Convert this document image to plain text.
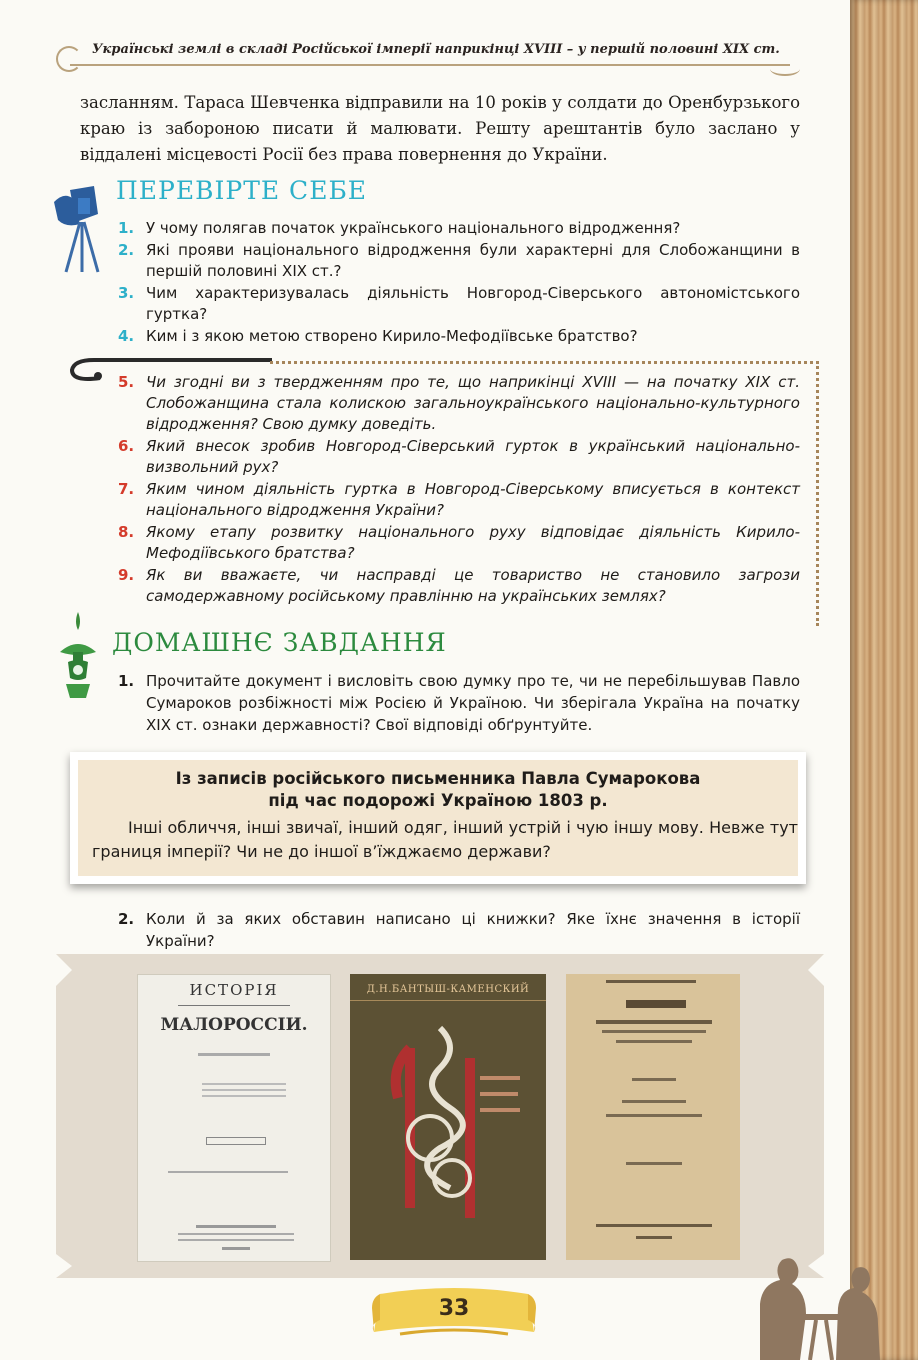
Українські землі в складі Російської імперії наприкінці XVIII – у першій половині XIX ст.

засланням. Тараса Шевченка відправили на 10 років у солдати до Оренбурзького краю із забороною писати й малювати. Решту арештантів було заслано у віддалені місцевості Росії без права повернення до України.

ПЕРЕВІРТЕ СЕБЕ
1. У чому полягав початок українського національного відродження?
2. Які прояви національного відродження були характерні для Слобожанщини в першій половині XIX ст.?
3. Чим характеризувалась діяльність Новгород-Сіверського автономістського гуртка?
4. Ким і з якою метою створено Кирило-Мефодіївське братство?
5. Чи згодні ви з твердженням про те, що наприкінці XVIII — на початку XIX ст. Слобожанщина стала колискою загальноукраїнського національно-культурного відродження? Свою думку доведіть.
6. Який внесок зробив Новгород-Сіверський гурток в український національно-визвольний рух?
7. Яким чином діяльність гуртка в Новгород-Сіверському вписується в контекст національного відродження України?
8. Якому етапу розвитку національного руху відповідає діяльність Кирило-Мефодіївського братства?
9. Як ви вважаєте, чи насправді це товариство не становило загрози самодержавному російському правлінню на українських землях?
ДОМАШНЄ ЗАВДАННЯ
1. Прочитайте документ і висловіть свою думку про те, чи не перебільшував Павло Сумароков розбіжності між Росією й Україною. Чи зберігала Україна на початку XIX ст. ознаки державності? Свої відповіді обґрунтуйте.
Із записів російського письменника Павла Сумарокова
під час подорожі Україною 1803 р.
Інші обличчя, інші звичаї, інший одяг, інший устрій і чую іншу мову. Невже тут границя імперії? Чи не до іншої в’їжджаємо держави?
2. Коли й за яких обставин написано ці книжки? Яке їхнє значення в історії України?
ИСТОРІЯ
МАЛОРОССІИ.
Д.Н.БАНТЫШ-КАМЕНСКИЙ
33
